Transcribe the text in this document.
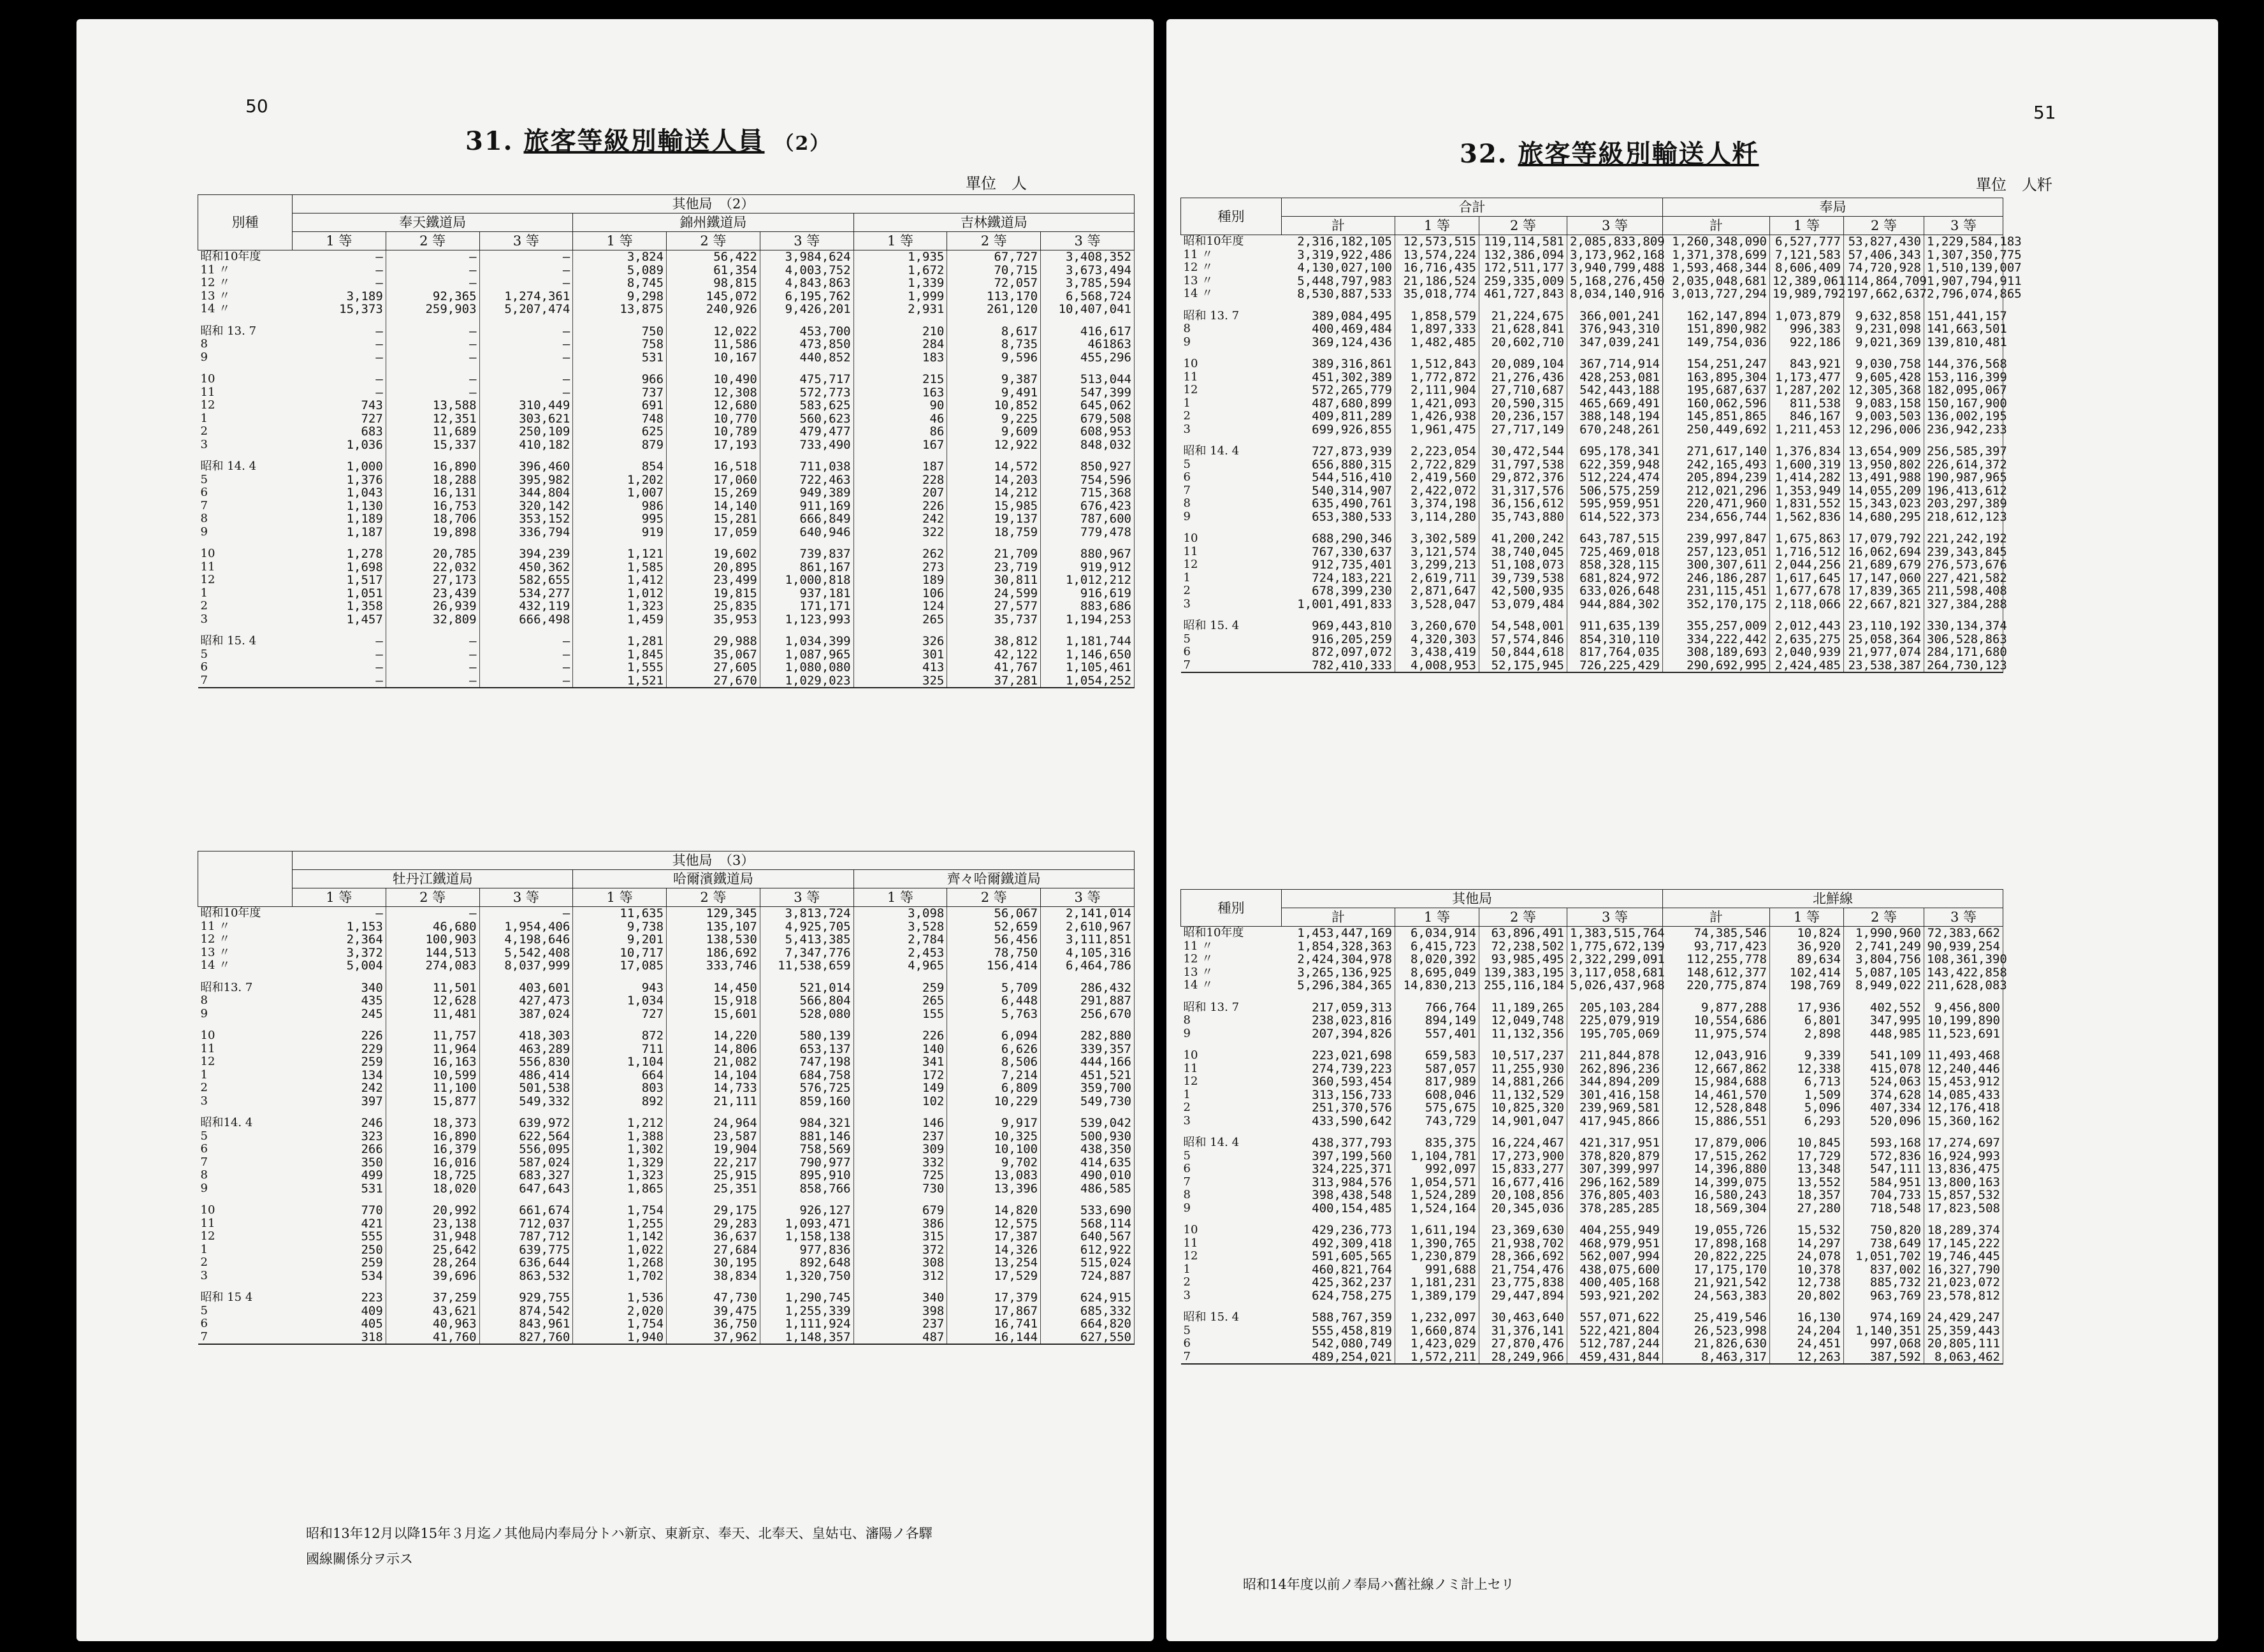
50
31. 旅客等級別輸送人員 （2）
單位　人
別種	其他局　（2）								
	奉天鐵道局			錦州鐵道局			吉林鐵道局		
	1 等	2 等	3 等	1 等	2 等	3 等	1 等	2 等	3 等
昭和10年度	—	—	—	3,824	56,422	3,984,624	1,935	67,727	3,408,352
11 〃	—	—	—	5,089	61,354	4,003,752	1,672	70,715	3,673,494
12 〃	—	—	—	8,745	98,815	4,843,863	1,339	72,057	3,785,594
13 〃	3,189	92,365	1,274,361	9,298	145,072	6,195,762	1,999	113,170	6,568,724
14 〃	15,373	259,903	5,207,474	13,875	240,926	9,426,201	2,931	261,120	10,407,041

昭和 13. 7	—	—	—	750	12,022	453,700	210	8,617	416,617
8	—	—	—	758	11,586	473,850	284	8,735	461863
9	—	—	—	531	10,167	440,852	183	9,596	455,296

10	—	—	—	966	10,490	475,717	215	9,387	513,044
11	—	—	—	737	12,308	572,773	163	9,491	547,399
12	743	13,588	310,449	691	12,680	583,625	90	10,852	645,062
1	727	12,351	303,621	748	10,770	560,623	46	9,225	679,508
2	683	11,689	250,109	625	10,789	479,477	86	9,609	608,953
3	1,036	15,337	410,182	879	17,193	733,490	167	12,922	848,032

昭和 14. 4	1,000	16,890	396,460	854	16,518	711,038	187	14,572	850,927
5	1,376	18,288	395,982	1,202	17,060	722,463	228	14,203	754,596
6	1,043	16,131	344,804	1,007	15,269	949,389	207	14,212	715,368
7	1,130	16,753	320,142	986	14,140	911,169	226	15,985	676,423
8	1,189	18,706	353,152	995	15,281	666,849	242	19,137	787,600
9	1,187	19,898	336,794	919	17,059	640,946	322	18,759	779,478

10	1,278	20,785	394,239	1,121	19,602	739,837	262	21,709	880,967
11	1,698	22,032	450,362	1,585	20,895	861,167	273	23,719	919,912
12	1,517	27,173	582,655	1,412	23,499	1,000,818	189	30,811	1,012,212
1	1,051	23,439	534,277	1,012	19,815	937,181	106	24,599	916,619
2	1,358	26,939	432,119	1,323	25,835	171,171	124	27,577	883,686
3	1,457	32,809	666,498	1,459	35,953	1,123,993	265	35,737	1,194,253

昭和 15. 4	—	—	—	1,281	29,988	1,034,399	326	38,812	1,181,744
5	—	—	—	1,845	35,067	1,087,965	301	42,122	1,146,650
6	—	—	—	1,555	27,605	1,080,080	413	41,767	1,105,461
7	—	—	—	1,521	27,670	1,029,023	325	37,281	1,054,252
	其他局　（3）								
	牡丹江鐵道局			哈爾濱鐵道局			齊々哈爾鐵道局		
	1 等	2 等	3 等	1 等	2 等	3 等	1 等	2 等	3 等
昭和10年度	—	—	—	11,635	129,345	3,813,724	3,098	56,067	2,141,014
11 〃	1,153	46,680	1,954,406	9,738	135,107	4,925,705	3,528	52,659	2,610,967
12 〃	2,364	100,903	4,198,646	9,201	138,530	5,413,385	2,784	56,456	3,111,851
13 〃	3,372	144,513	5,542,408	10,717	186,692	7,347,776	2,453	78,750	4,105,316
14 〃	5,004	274,083	8,037,999	17,085	333,746	11,538,659	4,965	156,414	6,464,786

昭和13. 7	340	11,501	403,601	943	14,450	521,014	259	5,709	286,432
8	435	12,628	427,473	1,034	15,918	566,804	265	6,448	291,887
9	245	11,481	387,024	727	15,601	528,080	155	5,763	256,670

10	226	11,757	418,303	872	14,220	580,139	226	6,094	282,880
11	229	11,964	463,289	711	14,806	653,137	140	6,626	339,357
12	259	16,163	556,830	1,104	21,082	747,198	341	8,506	444,166
1	134	10,599	486,414	664	14,104	684,758	172	7,214	451,521
2	242	11,100	501,538	803	14,733	576,725	149	6,809	359,700
3	397	15,877	549,332	892	21,111	859,160	102	10,229	549,730

昭和14. 4	246	18,373	639,972	1,212	24,964	984,321	146	9,917	539,042
5	323	16,890	622,564	1,388	23,587	881,146	237	10,325	500,930
6	266	16,379	556,095	1,302	19,904	758,569	309	10,100	438,350
7	350	16,016	587,024	1,329	22,217	790,977	332	9,702	414,635
8	499	18,725	683,327	1,323	25,915	895,910	725	13,083	490,010
9	531	18,020	647,643	1,865	25,351	858,766	730	13,396	486,585

10	770	20,992	661,674	1,754	29,175	926,127	679	14,820	533,690
11	421	23,138	712,037	1,255	29,283	1,093,471	386	12,575	568,114
12	555	31,948	787,712	1,142	36,637	1,158,138	315	17,387	640,567
1	250	25,642	639,775	1,022	27,684	977,836	372	14,326	612,922
2	259	28,264	636,644	1,268	30,195	892,648	308	13,254	515,024
3	534	39,696	863,532	1,702	38,834	1,320,750	312	17,529	724,887

昭和 15 4	223	37,259	929,755	1,536	47,730	1,290,745	340	17,379	624,915
5	409	43,621	874,542	2,020	39,475	1,255,339	398	17,867	685,332
6	405	40,963	843,961	1,754	36,750	1,111,924	237	16,741	664,820
7	318	41,760	827,760	1,940	37,962	1,148,357	487	16,144	627,550
昭和13年12月以降15年３月迄ノ其他局内奉局分トハ新京、東新京、奉天、北奉天、皇姑屯、瀋陽ノ各驛
國線關係分ヲ示ス
51
32. 旅客等級別輸送人粁
單位　人粁
種別	合計				奉局			
	計	1 等	2 等	3 等	計	1 等	2 等	3 等
昭和10年度	2,316,182,105	12,573,515	119,114,581	2,085,833,809	1,260,348,090	6,527,777	53,827,430	1,229,584,183
11 〃	3,319,922,486	13,574,224	132,386,094	3,173,962,168	1,371,378,699	7,121,583	57,406,343	1,307,350,775
12 〃	4,130,027,100	16,716,435	172,511,177	3,940,799,488	1,593,468,344	8,606,409	74,720,928	1,510,139,007
13 〃	5,448,797,983	21,186,524	259,335,009	5,168,276,450	2,035,048,681	12,389,061	114,864,709	1,907,794,911
14 〃	8,530,887,533	35,018,774	461,727,843	8,034,140,916	3,013,727,294	19,989,792	197,662,637	2,796,074,865

昭和 13. 7	389,084,495	1,858,579	21,224,675	366,001,241	162,147,894	1,073,879	9,632,858	151,441,157
8	400,469,484	1,897,333	21,628,841	376,943,310	151,890,982	996,383	9,231,098	141,663,501
9	369,124,436	1,482,485	20,602,710	347,039,241	149,754,036	922,186	9,021,369	139,810,481

10	389,316,861	1,512,843	20,089,104	367,714,914	154,251,247	843,921	9,030,758	144,376,568
11	451,302,389	1,772,872	21,276,436	428,253,081	163,895,304	1,173,477	9,605,428	153,116,399
12	572,265,779	2,111,904	27,710,687	542,443,188	195,687,637	1,287,202	12,305,368	182,095,067
1	487,680,899	1,421,093	20,590,315	465,669,491	160,062,596	811,538	9,083,158	150,167,900
2	409,811,289	1,426,938	20,236,157	388,148,194	145,851,865	846,167	9,003,503	136,002,195
3	699,926,855	1,961,475	27,717,149	670,248,261	250,449,692	1,211,453	12,296,006	236,942,233

昭和 14. 4	727,873,939	2,223,054	30,472,544	695,178,341	271,617,140	1,376,834	13,654,909	256,585,397
5	656,880,315	2,722,829	31,797,538	622,359,948	242,165,493	1,600,319	13,950,802	226,614,372
6	544,516,410	2,419,560	29,872,376	512,224,474	205,894,239	1,414,282	13,491,988	190,987,965
7	540,314,907	2,422,072	31,317,576	506,575,259	212,021,296	1,353,949	14,055,209	196,413,612
8	635,490,761	3,374,198	36,156,612	595,959,951	220,471,960	1,831,552	15,343,023	203,297,389
9	653,380,533	3,114,280	35,743,880	614,522,373	234,656,744	1,562,836	14,680,295	218,612,123

10	688,290,346	3,302,589	41,200,242	643,787,515	239,997,847	1,675,863	17,079,792	221,242,192
11	767,330,637	3,121,574	38,740,045	725,469,018	257,123,051	1,716,512	16,062,694	239,343,845
12	912,735,401	3,299,213	51,108,073	858,328,115	300,307,611	2,044,256	21,689,679	276,573,676
1	724,183,221	2,619,711	39,739,538	681,824,972	246,186,287	1,617,645	17,147,060	227,421,582
2	678,399,230	2,871,647	42,500,935	633,026,648	231,115,451	1,677,678	17,839,365	211,598,408
3	1,001,491,833	3,528,047	53,079,484	944,884,302	352,170,175	2,118,066	22,667,821	327,384,288

昭和 15. 4	969,443,810	3,260,670	54,548,001	911,635,139	355,257,009	2,012,443	23,110,192	330,134,374
5	916,205,259	4,320,303	57,574,846	854,310,110	334,222,442	2,635,275	25,058,364	306,528,863
6	872,097,072	3,438,419	50,844,618	817,764,035	308,189,693	2,040,939	21,977,074	284,171,680
7	782,410,333	4,008,953	52,175,945	726,225,429	290,692,995	2,424,485	23,538,387	264,730,123
種別	其他局				北鮮線			
	計	1 等	2 等	3 等	計	1 等	2 等	3 等
昭和10年度	1,453,447,169	6,034,914	63,896,491	1,383,515,764	74,385,546	10,824	1,990,960	72,383,662
11 〃	1,854,328,363	6,415,723	72,238,502	1,775,672,139	93,717,423	36,920	2,741,249	90,939,254
12 〃	2,424,304,978	8,020,392	93,985,495	2,322,299,091	112,255,778	89,634	3,804,756	108,361,390
13 〃	3,265,136,925	8,695,049	139,383,195	3,117,058,681	148,612,377	102,414	5,087,105	143,422,858
14 〃	5,296,384,365	14,830,213	255,116,184	5,026,437,968	220,775,874	198,769	8,949,022	211,628,083

昭和 13. 7	217,059,313	766,764	11,189,265	205,103,284	9,877,288	17,936	402,552	9,456,800
8	238,023,816	894,149	12,049,748	225,079,919	10,554,686	6,801	347,995	10,199,890
9	207,394,826	557,401	11,132,356	195,705,069	11,975,574	2,898	448,985	11,523,691

10	223,021,698	659,583	10,517,237	211,844,878	12,043,916	9,339	541,109	11,493,468
11	274,739,223	587,057	11,255,930	262,896,236	12,667,862	12,338	415,078	12,240,446
12	360,593,454	817,989	14,881,266	344,894,209	15,984,688	6,713	524,063	15,453,912
1	313,156,733	608,046	11,132,529	301,416,158	14,461,570	1,509	374,628	14,085,433
2	251,370,576	575,675	10,825,320	239,969,581	12,528,848	5,096	407,334	12,176,418
3	433,590,642	743,729	14,901,047	417,945,866	15,886,551	6,293	520,096	15,360,162

昭和 14. 4	438,377,793	835,375	16,224,467	421,317,951	17,879,006	10,845	593,168	17,274,697
5	397,199,560	1,104,781	17,273,900	378,820,879	17,515,262	17,729	572,836	16,924,993
6	324,225,371	992,097	15,833,277	307,399,997	14,396,880	13,348	547,111	13,836,475
7	313,984,576	1,054,571	16,677,416	296,162,589	14,399,075	13,552	584,951	13,800,163
8	398,438,548	1,524,289	20,108,856	376,805,403	16,580,243	18,357	704,733	15,857,532
9	400,154,485	1,524,164	20,345,036	378,285,285	18,569,304	27,280	718,548	17,823,508

10	429,236,773	1,611,194	23,369,630	404,255,949	19,055,726	15,532	750,820	18,289,374
11	492,309,418	1,390,765	21,938,702	468,979,951	17,898,168	14,297	738,649	17,145,222
12	591,605,565	1,230,879	28,366,692	562,007,994	20,822,225	24,078	1,051,702	19,746,445
1	460,821,764	991,688	21,754,476	438,075,600	17,175,170	10,378	837,002	16,327,790
2	425,362,237	1,181,231	23,775,838	400,405,168	21,921,542	12,738	885,732	21,023,072
3	624,758,275	1,389,179	29,447,894	593,921,202	24,563,383	20,802	963,769	23,578,812

昭和 15. 4	588,767,359	1,232,097	30,463,640	557,071,622	25,419,546	16,130	974,169	24,429,247
5	555,458,819	1,660,874	31,376,141	522,421,804	26,523,998	24,204	1,140,351	25,359,443
6	542,080,749	1,423,029	27,870,476	512,787,244	21,826,630	24,451	997,068	20,805,111
7	489,254,021	1,572,211	28,249,966	459,431,844	8,463,317	12,263	387,592	8,063,462
昭和14年度以前ノ奉局ハ舊社線ノミ計上セリ
